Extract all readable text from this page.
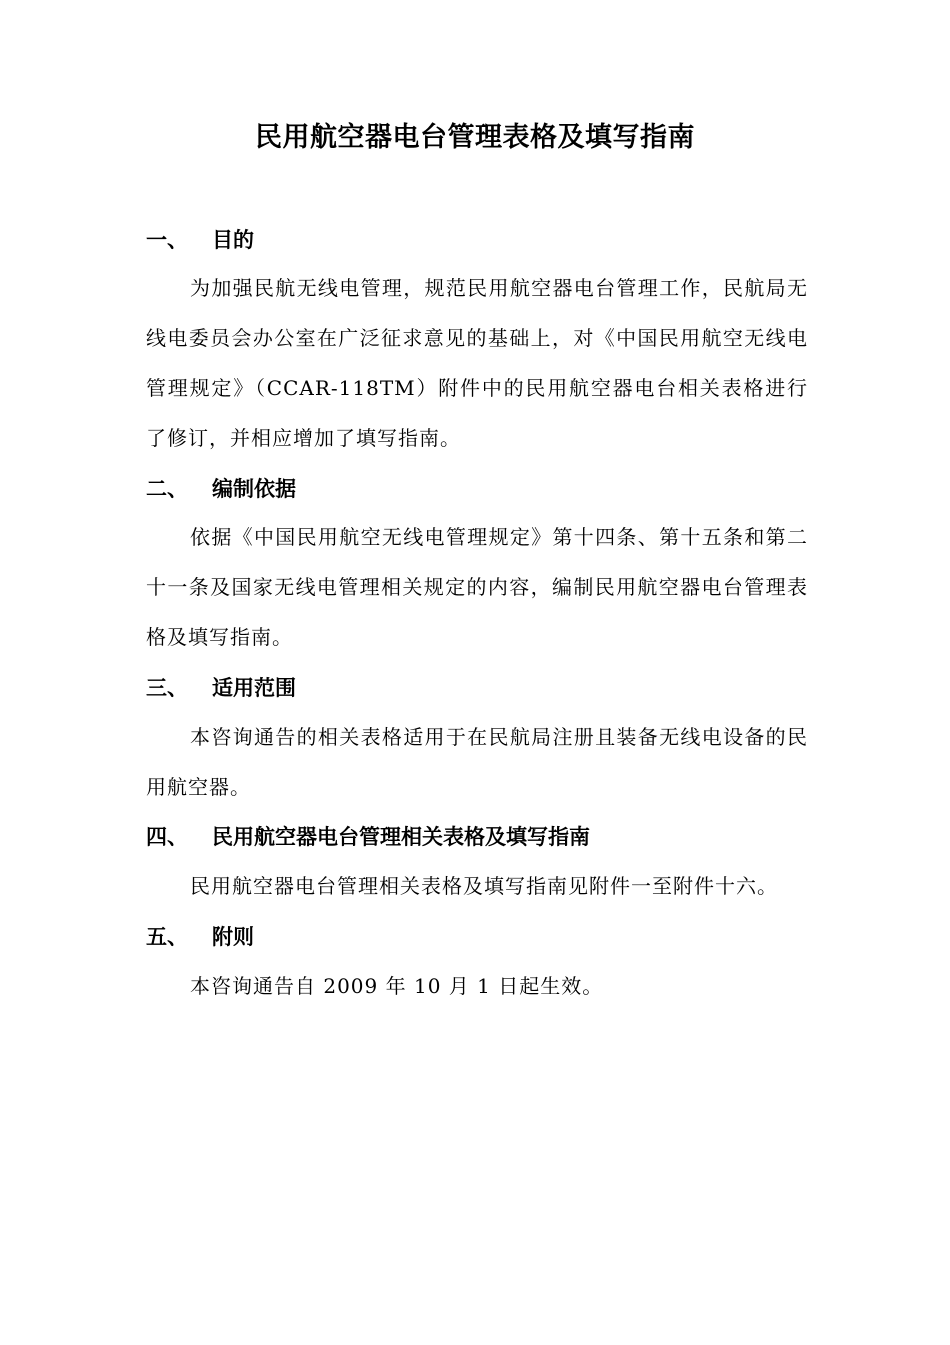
民用航空器电台管理表格及填写指南
一、 目的

为加强民航无线电管理，规范民用航空器电台管理工作，民航局无线电委员会办公室在广泛征求意见的基础上，对《中国民用航空无线电管理规定》（CCAR-118TM）附件中的民用航空器电台相关表格进行了修订，并相应增加了填写指南。

二、 编制依据

依据《中国民用航空无线电管理规定》第十四条、第十五条和第二十一条及国家无线电管理相关规定的内容，编制民用航空器电台管理表格及填写指南。

三、 适用范围

本咨询通告的相关表格适用于在民航局注册且装备无线电设备的民用航空器。

四、 民用航空器电台管理相关表格及填写指南

民用航空器电台管理相关表格及填写指南见附件一至附件十六。

五、 附则

本咨询通告自 2009 年 10 月 1 日起生效。
